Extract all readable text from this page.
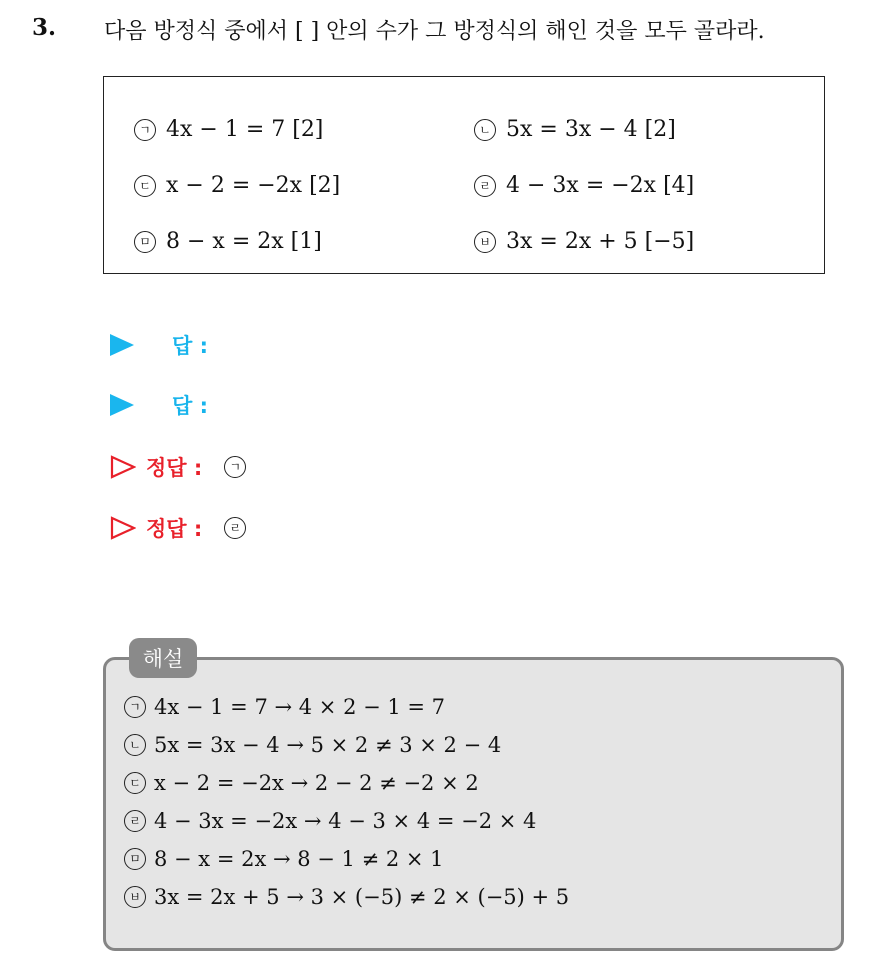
3. 다음 방정식 중에서 [ ] 안의 수가 그 방정식의 해인 것을 모두 골라라.
ㄱ 4x − 1 = 7 [2]	ㄴ 5x = 3x − 4 [2]
ㄷ x − 2 = −2x [2]	ㄹ 4 − 3x = −2x [4]
ㅁ 8 − x = 2x [1]	ㅂ 3x = 2x + 5 [−5]
답 :
답 :
정답 :	ㄱ
정답 :	ㄹ
해설
ㄱ 4x − 1 = 7 → 4 × 2 − 1 = 7
ㄴ 5x = 3x − 4 → 5 × 2 ≠ 3 × 2 − 4
ㄷ x − 2 = −2x → 2 − 2 ≠ −2 × 2
ㄹ 4 − 3x = −2x → 4 − 3 × 4 = −2 × 4
ㅁ 8 − x = 2x → 8 − 1 ≠ 2 × 1
ㅂ 3x = 2x + 5 → 3 × (−5) ≠ 2 × (−5) + 5
